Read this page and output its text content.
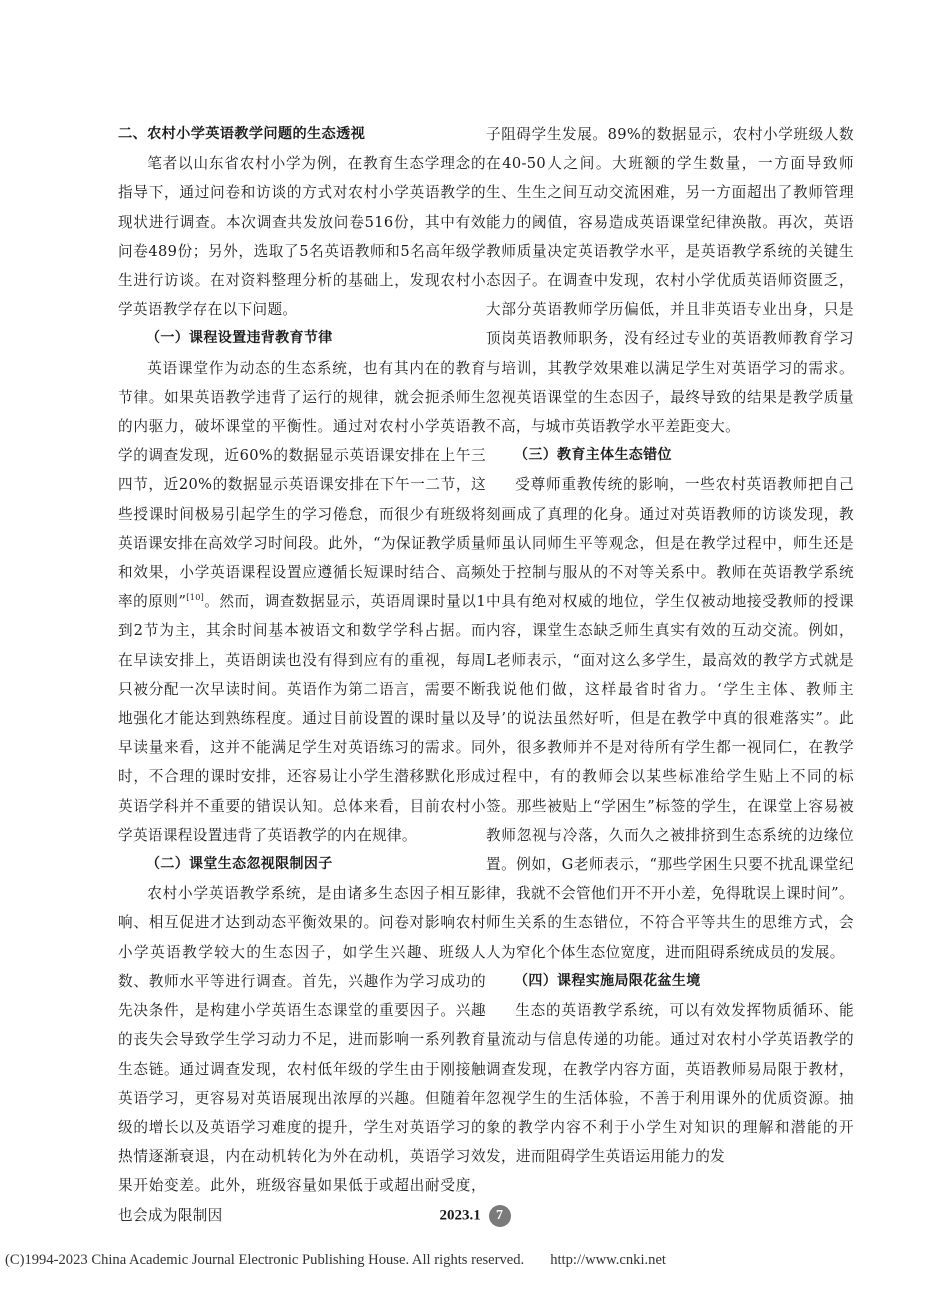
二、农村小学英语教学问题的生态透视

笔者以山东省农村小学为例，在教育生态学理念的指导下，通过问卷和访谈的方式对农村小学英语教学的现状进行调查。本次调查共发放问卷516份，其中有效问卷489份；另外，选取了5名英语教师和5名高年级学生进行访谈。在对资料整理分析的基础上，发现农村小学英语教学存在以下问题。

（一）课程设置违背教育节律

英语课堂作为动态的生态系统，也有其内在的教育节律。如果英语教学违背了运行的规律，就会扼杀师生的内驱力，破坏课堂的平衡性。通过对农村小学英语教学的调查发现，近60%的数据显示英语课安排在上午三四节，近20%的数据显示英语课安排在下午一二节，这些授课时间极易引起学生的学习倦怠，而很少有班级将英语课安排在高效学习时间段。此外，“为保证教学质量和效果，小学英语课程设置应遵循长短课时结合、高频率的原则”[10]。然而，调查数据显示，英语周课时量以1到2节为主，其余时间基本被语文和数学学科占据。而在早读安排上，英语朗读也没有得到应有的重视，每周只被分配一次早读时间。英语作为第二语言，需要不断地强化才能达到熟练程度。通过目前设置的课时量以及早读量来看，这并不能满足学生对英语练习的需求。同时，不合理的课时安排，还容易让小学生潜移默化形成英语学科并不重要的错误认知。总体来看，目前农村小学英语课程设置违背了英语教学的内在规律。

（二）课堂生态忽视限制因子

农村小学英语教学系统，是由诸多生态因子相互影响、相互促进才达到动态平衡效果的。问卷对影响农村小学英语教学较大的生态因子，如学生兴趣、班级人数、教师水平等进行调查。首先，兴趣作为学习成功的先决条件，是构建小学英语生态课堂的重要因子。兴趣的丧失会导致学生学习动力不足，进而影响一系列教育生态链。通过调查发现，农村低年级的学生由于刚接触英语学习，更容易对英语展现出浓厚的兴趣。但随着年级的增长以及英语学习难度的提升，学生对英语学习的热情逐渐衰退，内在动机转化为外在动机，英语学习效果开始变差。此外，班级容量如果低于或超出耐受度，也会成为限制因

子阻碍学生发展。89%的数据显示，农村小学班级人数在40-50人之间。大班额的学生数量，一方面导致师生、生生之间互动交流困难，另一方面超出了教师管理能力的阈值，容易造成英语课堂纪律涣散。再次，英语教师质量决定英语教学水平，是英语教学系统的关键生态因子。在调查中发现，农村小学优质英语师资匮乏，大部分英语教师学历偏低，并且非英语专业出身，只是顶岗英语教师职务，没有经过专业的英语教师教育学习与培训，其教学效果难以满足学生对英语学习的需求。忽视英语课堂的生态因子，最终导致的结果是教学质量不高，与城市英语教学水平差距变大。

（三）教育主体生态错位

受尊师重教传统的影响，一些农村英语教师把自己刻画成了真理的化身。通过对英语教师的访谈发现，教师虽认同师生平等观念，但是在教学过程中，师生还是处于控制与服从的不对等关系中。教师在英语教学系统中具有绝对权威的地位，学生仅被动地接受教师的授课内容，课堂生态缺乏师生真实有效的互动交流。例如，L老师表示，“面对这么多学生，最高效的教学方式就是我说他们做，这样最省时省力。‘学生主体、教师主导’的说法虽然好听，但是在教学中真的很难落实”。此外，很多教师并不是对待所有学生都一视同仁，在教学过程中，有的教师会以某些标准给学生贴上不同的标签。那些被贴上“学困生”标签的学生，在课堂上容易被教师忽视与冷落，久而久之被排挤到生态系统的边缘位置。例如，G老师表示，“那些学困生只要不扰乱课堂纪律，我就不会管他们开不开小差，免得耽误上课时间”。师生关系的生态错位，不符合平等共生的思维方式，会人为窄化个体生态位宽度，进而阻碍系统成员的发展。

（四）课程实施局限花盆生境

生态的英语教学系统，可以有效发挥物质循环、能量流动与信息传递的功能。通过对农村小学英语教学的调查发现，在教学内容方面，英语教师易局限于教材，忽视学生的生活体验，不善于利用课外的优质资源。抽象的教学内容不利于小学生对知识的理解和潜能的开发，进而阻碍学生英语运用能力的发

2023.1 7
(C)1994-2023 China Academic Journal Electronic Publishing House. All rights reserved. http://www.cnki.net
